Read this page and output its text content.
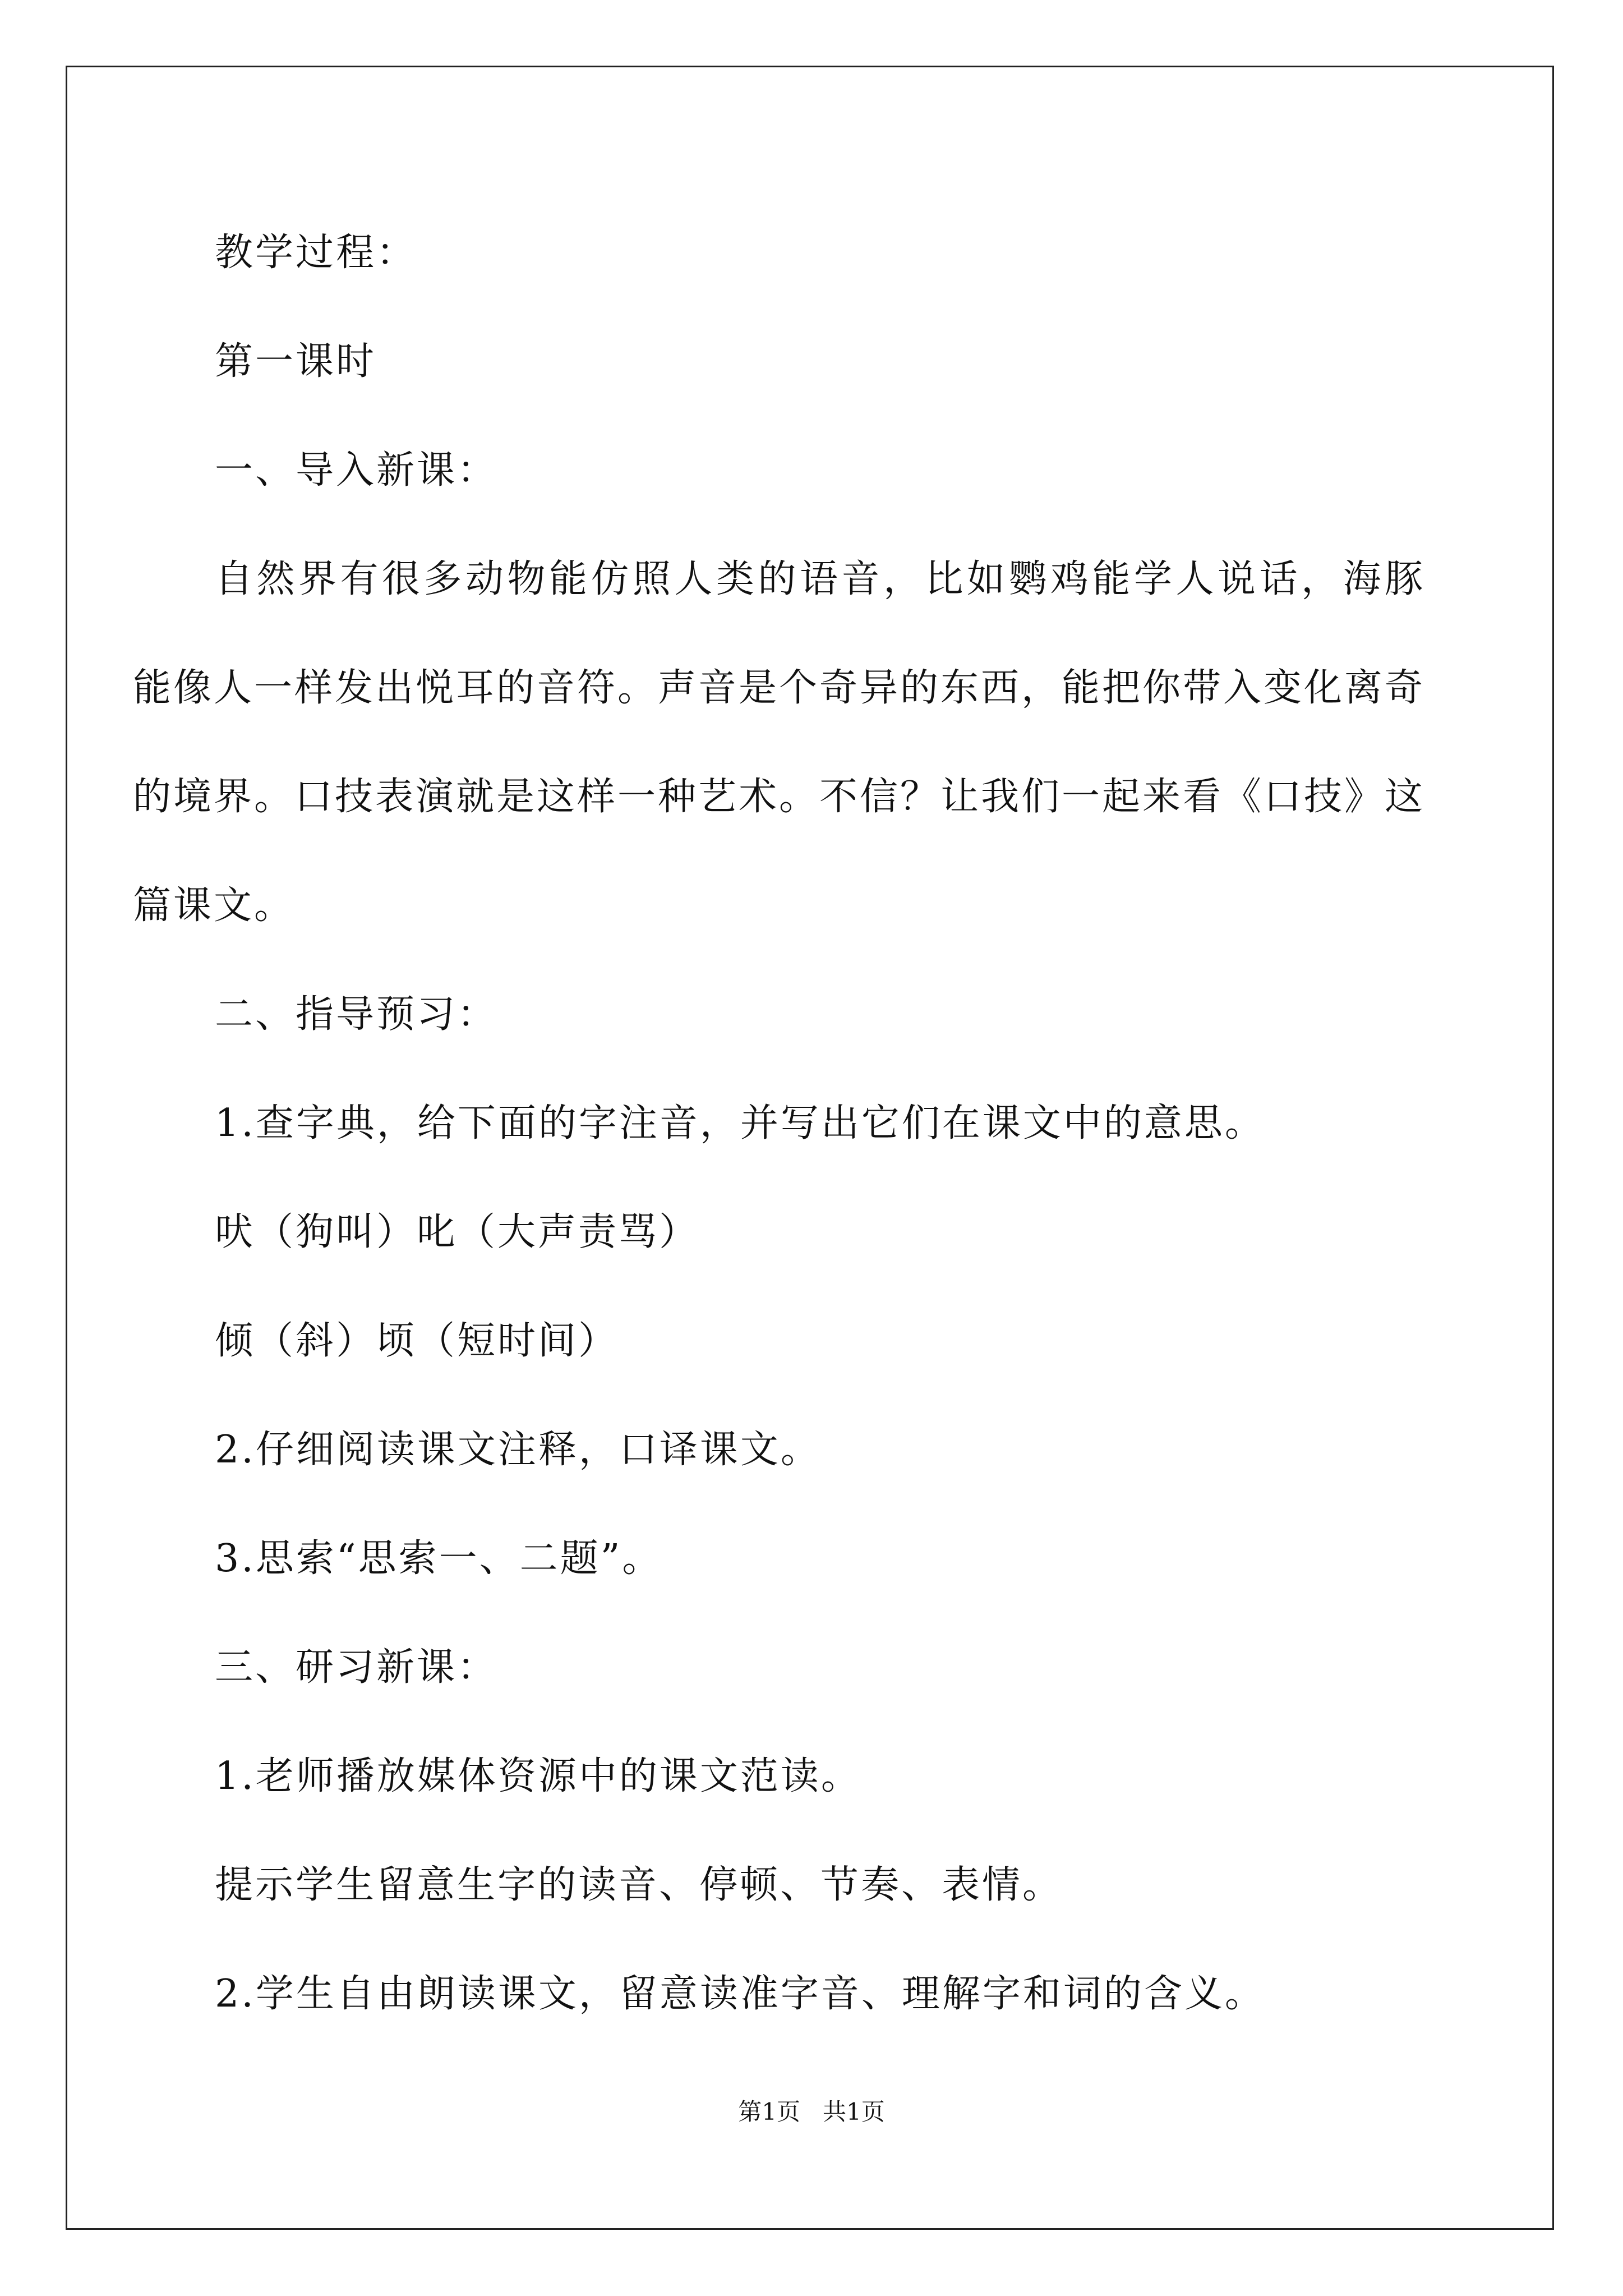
教学过程：

第一课时

一、导入新课：

自然界有很多动物能仿照人类的语音，比如鹦鸡能学人说话，海豚能像人一样发出悦耳的音符。声音是个奇异的东西，能把你带入变化离奇的境界。口技表演就是这样一种艺术。不信？让我们一起来看《口技》这篇课文。

二、指导预习：

1.查字典，给下面的字注音，并写出它们在课文中的意思。

吠（狗叫）叱（大声责骂）

倾（斜）顷（短时间）

2.仔细阅读课文注释，口译课文。

3.思索“思索一、二题”。

三、研习新课：

1.老师播放媒体资源中的课文范读。

提示学生留意生字的读音、停顿、节奏、表情。

2.学生自由朗读课文，留意读准字音、理解字和词的含义。

第1页 共1页
